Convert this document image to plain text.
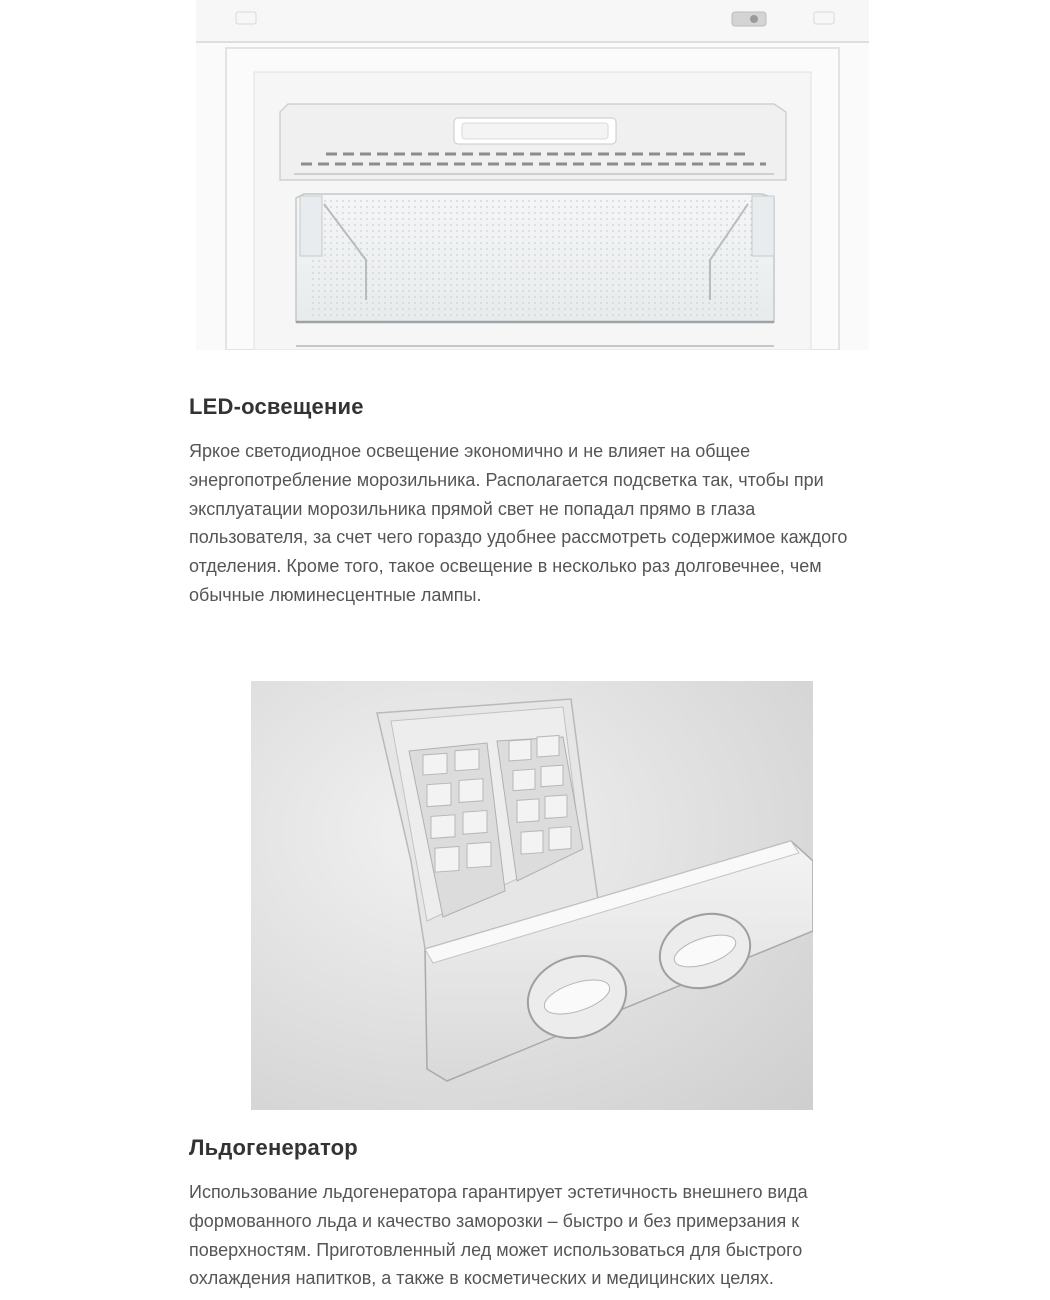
LED-освещение

Яркое светодиодное освещение экономично и не влияет на общее энергопотребление морозильника. Располагается подсветка так, чтобы при эксплуатации морозильника прямой свет не попадал прямо в глаза пользователя, за счет чего гораздо удобнее рассмотреть содержимое каждого отделения. Кроме того, такое освещение в несколько раз долговечнее, чем обычные люминесцентные лампы.

Льдогенератор

Использование льдогенератора гарантирует эстетичность внешнего вида формованного льда и качество заморозки – быстро и без примерзания к поверхностям. Приготовленный лед может использоваться для быстрого охлаждения напитков, а также в косметических и медицинских целях.
